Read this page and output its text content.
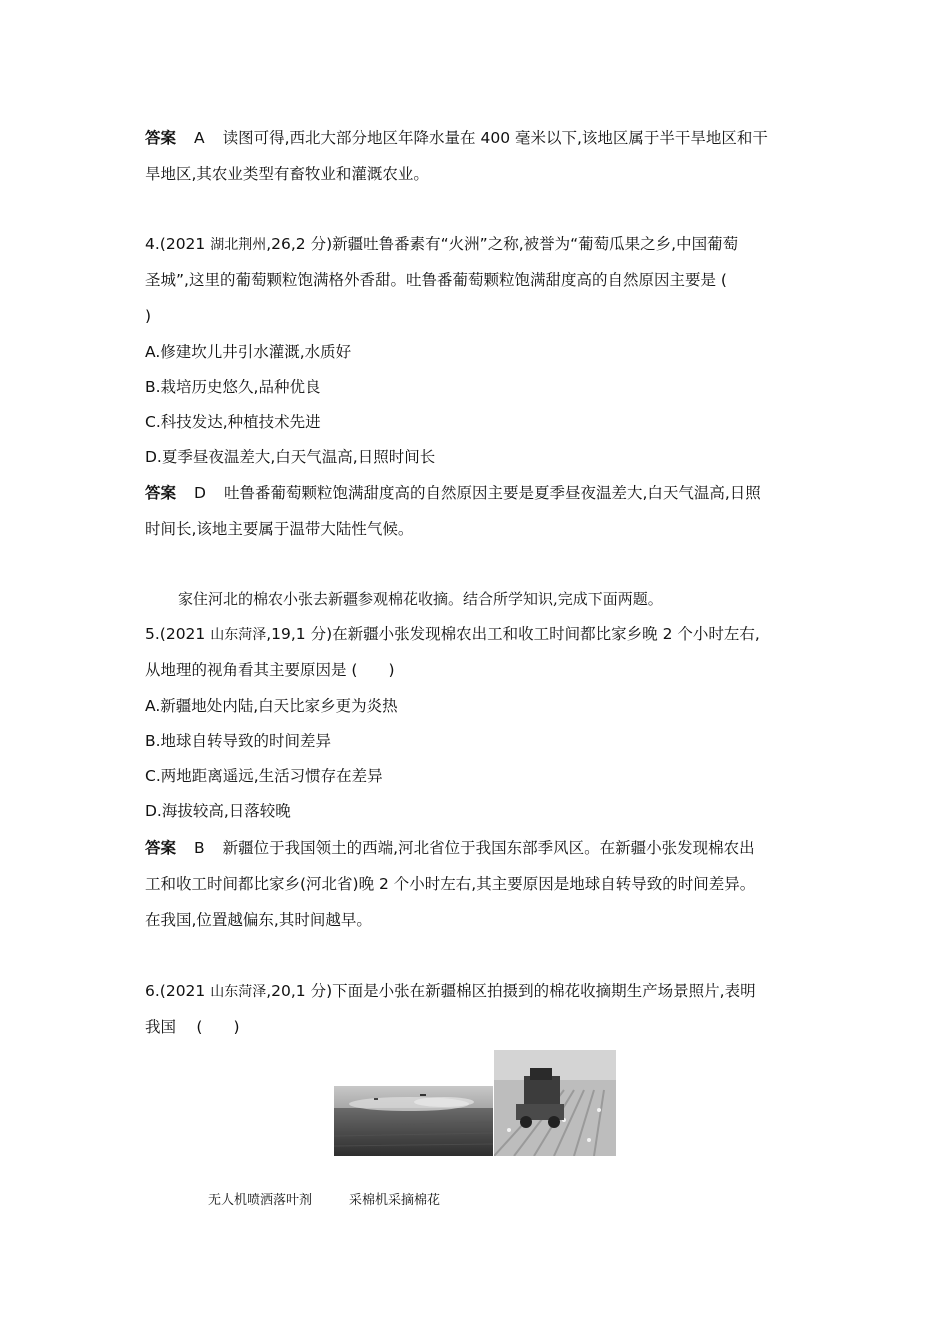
答案 A 读图可得,西北大部分地区年降水量在 400 毫米以下,该地区属于半干旱地区和干
旱地区,其农业类型有畜牧业和灌溉农业。
4.(2021 湖北荆州,26,2 分)新疆吐鲁番素有“火洲”之称,被誉为“葡萄瓜果之乡,中国葡萄
圣城”,这里的葡萄颗粒饱满格外香甜。吐鲁番葡萄颗粒饱满甜度高的自然原因主要是 (
)
A.修建坎儿井引水灌溉,水质好
B.栽培历史悠久,品种优良
C.科技发达,种植技术先进
D.夏季昼夜温差大,白天气温高,日照时间长
答案 D 吐鲁番葡萄颗粒饱满甜度高的自然原因主要是夏季昼夜温差大,白天气温高,日照
时间长,该地主要属于温带大陆性气候。
家住河北的棉农小张去新疆参观棉花收摘。结合所学知识,完成下面两题。
5.(2021 山东菏泽,19,1 分)在新疆小张发现棉农出工和收工时间都比家乡晚 2 个小时左右,
从地理的视角看其主要原因是 (　　)
A.新疆地处内陆,白天比家乡更为炎热
B.地球自转导致的时间差异
C.两地距离遥远,生活习惯存在差异
D.海拔较高,日落较晚
答案 B 新疆位于我国领土的西端,河北省位于我国东部季风区。在新疆小张发现棉农出
工和收工时间都比家乡(河北省)晚 2 个小时左右,其主要原因是地球自转导致的时间差异。
在我国,位置越偏东,其时间越早。
6.(2021 山东菏泽,20,1 分)下面是小张在新疆棉区拍摄到的棉花收摘期生产场景照片,表明
我国　 (　　)
无人机喷洒落叶剂	采棉机采摘棉花
